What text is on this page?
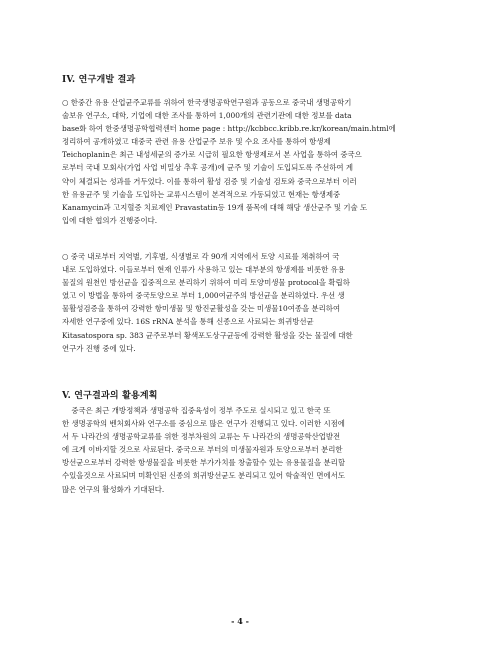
IV. 연구개발 결과
○ 한중간 유용 산업균주교류를 위하여 한국생명공학연구원과 공동으로 중국내 생명공학기
술보유 연구소, 대학, 기업에 대한 조사를 통하여 1,000개의 관련기관에 대한 정보를 data
base화 하여 한중생명공학협력센터 home page : http://kcbbcc.kribb.re.kr/korean/main.html에
정리하여 공개하였고 대중국 관련 유용 산업균주 보유 및 수요 조사를 통하여 항생제
Teichoplanin은 최근 내성세균의 증가로 시급히 필요한 항생제로서 본 사업을 통하여 중국으
로부터 국내 모회사(가업 사업 비밀상 추후 공개)에 균주 및 기술이 도입되도록 주선하여 계
약이 체결되는 성과를 거두었다. 이를 통하여 활성 검증 및 기술성 검토와 중국으로부터 이러
한 유용균주 및 기술을 도입하는 교류시스템이 본격적으로 가동되었고 현재는 항생제중
Kanamycin과 고지혈증 치료제인 Pravastatin등 19개 품목에 대해 해당 생산균주 및 기술 도
입에 대한 협의가 진행중이다.
○ 중국 내로부터 지역별, 기후별, 식생별로 각 90개 지역에서 토양 시료를 채취하여 국
내로 도입하였다. 이들로부터 현재 인류가 사용하고 있는 대부분의 항생제를 비롯한 유용
물질의 원천인 방선균을 집중적으로 분리하기 위하여 미리 토양미생물 protocol을 확립하
였고 이 방법을 통하여 중국토양으로 부터 1,000여균주의 방선균을 분리하였다. 우선 생
물활성검증을 통하여 강력한 항미생물 및 항진균활성을 갖는 미생물10여종을 분리하여
자세한 연구중에 있다. 16S rRNA 분석을 통해 신종으로 사료되는 희귀방선균
Kitasatospora sp. 383 균주로부터 황색포도상구균등에 강력한 활성을 갖는 물질에 대한
연구가 진행 중에 있다.
V. 연구결과의 활용계획
중국은 최근 개방정책과 생명공학 집중육성이 정부 주도로 실시되고 있고 한국 또
한 생명공학의 벤처회사와 연구소를 중심으로 많은 연구가 진행되고 있다. 이러한 시점에
서 두 나라간의 생명공학교류를 위한 정부차원의 교류는 두 나라간의 생명공학산업발전
에 크게 이바지할 것으로 사료된다. 중국으로 부터의 미생물자원과 토양으로부터 분리한
방선균으로부터 강력한 항생물질을 비롯한 부가가치를 창출할수 있는 유용물질을 분리할
수있을것으로 사료되며 미확인된 신종의 희귀방선균도 분리되고 있어 학술적인 면에서도
많은 연구의 활성화가 기대된다.
- 4 -
